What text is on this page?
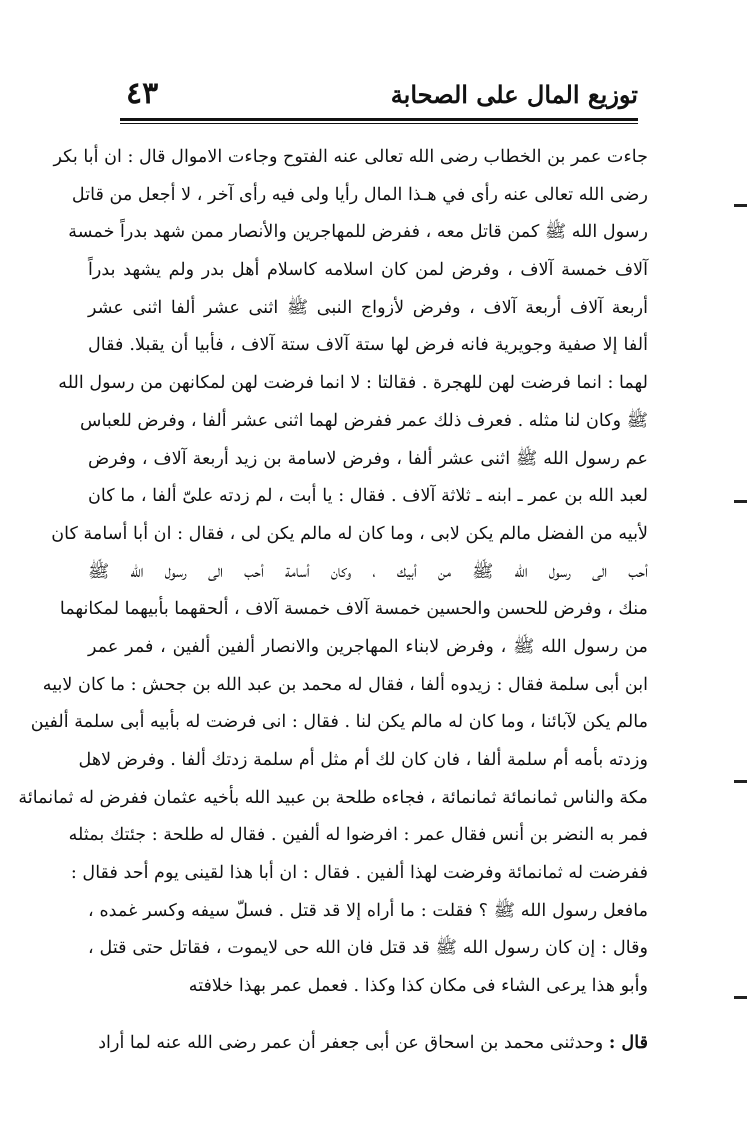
توزيع المال على الصحابة
٤٣
جاءت عمر بن الخطاب رضى الله تعالى عنه الفتوح وجاءت الاموال قال : ان أبا بكر
رضى الله تعالى عنه رأى في هـذا المال رأيا ولى فيه رأى آخر ، لا أجعل من قاتل
رسول الله ﷺ كمن قاتل معه ، ففرض للمهاجرين والأنصار ممن شهد بدراً خمسة
آلاف خمسة آلاف ، وفرض لمن كان اسلامه كاسلام أهل بدر ولم يشهد بدراً
أربعة آلاف أربعة آلاف ، وفرض لأزواج النبى ﷺ اثنى عشر ألفا اثنى عشر
ألفا إلا صفية وجويرية فانه فرض لها ستة آلاف ستة آلاف ، فأبيا أن يقبلا. فقال
لهما : انما فرضت لهن للهجرة . فقالتا : لا انما فرضت لهن لمكانهن من رسول الله
ﷺ وكان لنا مثله . فعرف ذلك عمر ففرض لهما اثنى عشر ألفا ، وفرض للعباس
عم رسول الله ﷺ اثنى عشر ألفا ، وفرض لاسامة بن زيد أربعة آلاف ، وفرض
لعبد الله بن عمر ـ ابنه ـ ثلاثة آلاف . فقال : يا أبت ، لم زدته علىّ ألفا ، ما كان
لأبيه من الفضل مالم يكن لابى ، وما كان له مالم يكن لى ، فقال : ان أبا أسامة كان
أحب الى رسول الله ﷺ من أبيك ، وكان أسامة أحب الى رسول الله ﷺ
منك ، وفرض للحسن والحسين خمسة آلاف خمسة آلاف ، ألحقهما بأبيهما لمكانهما
من رسول الله ﷺ ، وفرض لابناء المهاجرين والانصار ألفين ألفين ، فمر عمر
ابن أبى سلمة فقال : زيدوه ألفا ، فقال له محمد بن عبد الله بن جحش : ما كان لابيه
مالم يكن لآبائنا ، وما كان له مالم يكن لنا . فقال : انى فرضت له بأبيه أبى سلمة ألفين
وزدته بأمه أم سلمة ألفا ، فان كان لك أم مثل أم سلمة زدتك ألفا . وفرض لاهل
مكة والناس ثمانمائة ثمانمائة ، فجاءه طلحة بن عبيد الله بأخيه عثمان ففرض له ثمانمائة
فمر به النضر بن أنس فقال عمر : افرضوا له ألفين . فقال له طلحة : جئتك بمثله
ففرضت له ثمانمائة وفرضت لهذا ألفين . فقال : ان أبا هذا لقينى يوم أحد فقال :
مافعل رسول الله ﷺ ؟ فقلت : ما أراه إلا قد قتل . فسلّ سيفه وكسر غمده ،
وقال : إن كان رسول الله ﷺ قد قتل فان الله حى لايموت ، فقاتل حتى قتل ،
وأبو هذا يرعى الشاء فى مكان كذا وكذا . فعمل عمر بهذا خلافته
قال : وحدثنى محمد بن اسحاق عن أبى جعفر أن عمر رضى الله عنه لما أراد
